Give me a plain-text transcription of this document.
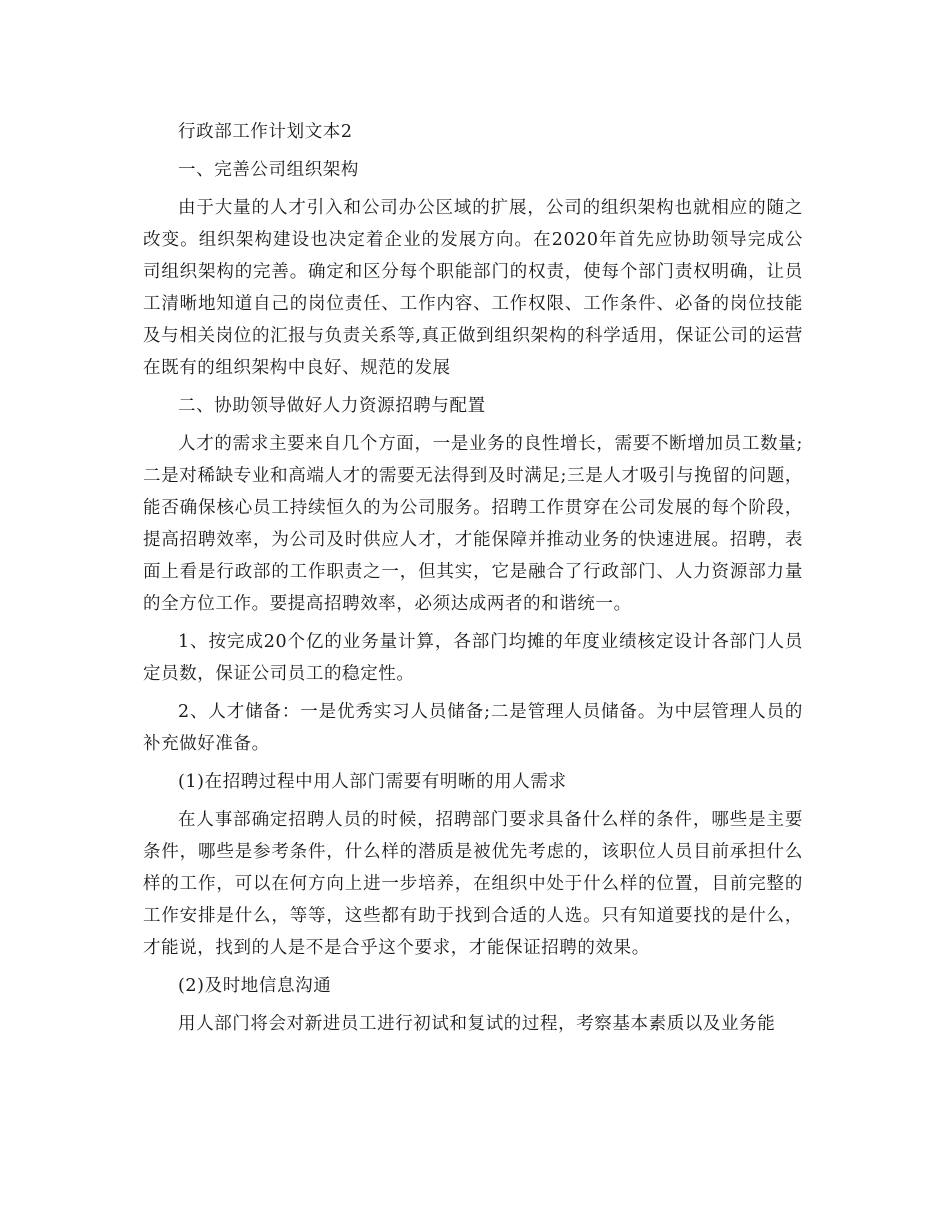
行政部工作计划文本2

一、完善公司组织架构

由于大量的人才引入和公司办公区域的扩展，公司的组织架构也就相应的随之改变。组织架构建设也决定着企业的发展方向。在2020年首先应协助领导完成公司组织架构的完善。确定和区分每个职能部门的权责，使每个部门责权明确，让员工清晰地知道自己的岗位责任、工作内容、工作权限、工作条件、必备的岗位技能及与相关岗位的汇报与负责关系等,真正做到组织架构的科学适用，保证公司的运营在既有的组织架构中良好、规范的发展

二、协助领导做好人力资源招聘与配置

人才的需求主要来自几个方面，一是业务的良性增长，需要不断增加员工数量;二是对稀缺专业和高端人才的需要无法得到及时满足;三是人才吸引与挽留的问题，能否确保核心员工持续恒久的为公司服务。招聘工作贯穿在公司发展的每个阶段，提高招聘效率，为公司及时供应人才，才能保障并推动业务的快速进展。招聘，表面上看是行政部的工作职责之一，但其实，它是融合了行政部门、人力资源部力量的全方位工作。要提高招聘效率，必须达成两者的和谐统一。

1、按完成20个亿的业务量计算，各部门均摊的年度业绩核定设计各部门人员定员数，保证公司员工的稳定性。

2、人才储备：一是优秀实习人员储备;二是管理人员储备。为中层管理人员的补充做好准备。

(1)在招聘过程中用人部门需要有明晰的用人需求

在人事部确定招聘人员的时候，招聘部门要求具备什么样的条件，哪些是主要条件，哪些是参考条件，什么样的潜质是被优先考虑的，该职位人员目前承担什么样的工作，可以在何方向上进一步培养，在组织中处于什么样的位置，目前完整的工作安排是什么，等等，这些都有助于找到合适的人选。只有知道要找的是什么，才能说，找到的人是不是合乎这个要求，才能保证招聘的效果。

(2)及时地信息沟通

用人部门将会对新进员工进行初试和复试的过程，考察基本素质以及业务能
